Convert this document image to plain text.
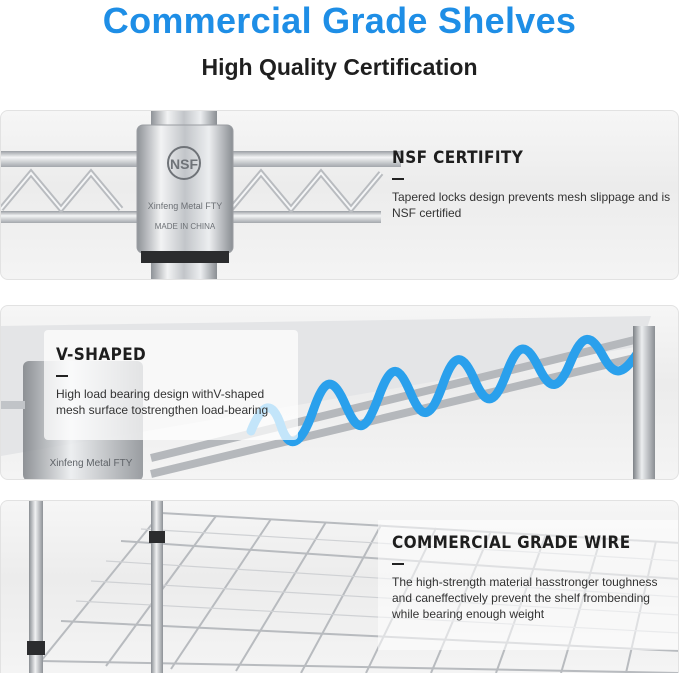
Commercial Grade Shelves
High Quality Certification
NSF
Xinfeng Metal FTY
MADE IN CHINA
NSF CERTIFITY
Tapered locks design prevents mesh slippage and is NSF certified
Xinfeng Metal FTY
V-SHAPED
High load bearing design withV-shaped mesh surface tostrengthen load-bearing
COMMERCIAL GRADE WIRE
The high-strength material hasstronger toughness and caneffectively prevent the shelf frombending while bearing enough weight
